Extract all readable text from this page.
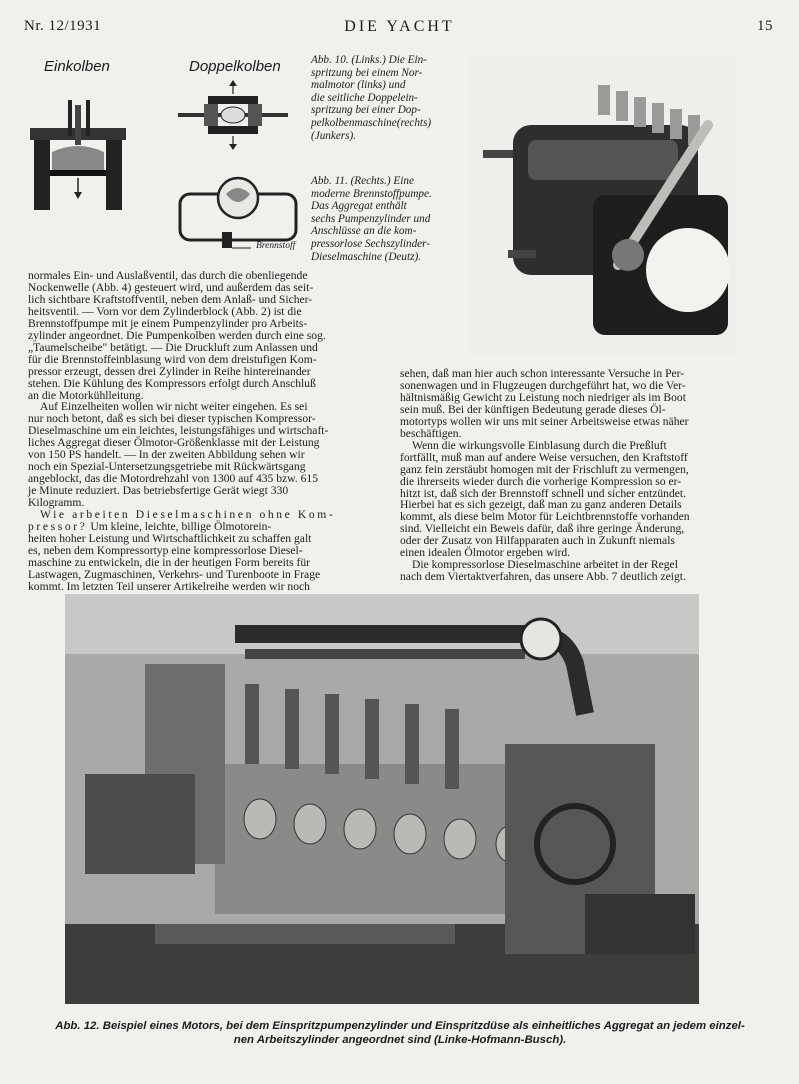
Nr. 12/1931	DIE YACHT	15
Einkolben	Doppelkolben	Abb. 10. (Links.) Die Ein-
spritzung bei einem Nor-
malmotor (links) und
die seitliche Doppelein-
spritzung bei einer Dop-
pelkolbenmaschine(rechts)
(Junkers).
Brennstoff
Abb. 11. (Rechts.) Eine
moderne Brennstoffpumpe.
Das Aggregat enthält
sechs Pumpenzylinder und
Anschlüsse an die kom-
pressorlose Sechszylinder-
Dieselmaschine (Deutz).

normales Ein- und Auslaßventil, das durch die obenliegende
Nockenwelle (Abb. 4) gesteuert wird, und außerdem das seit-
lich sichtbare Kraftstoffventil, neben dem Anlaß- und Sicher-
heitsventil. — Vorn vor dem Zylinderblock (Abb. 2) ist die
Brennstoffpumpe mit je einem Pumpenzylinder pro Arbeits-
zylinder angeordnet. Die Pumpenkolben werden durch eine sog.
„Taumelscheibe" betätigt. — Die Druckluft zum Anlassen und
für die Brennstoffeinblasung wird von dem dreistufigen Kom-
pressor erzeugt, dessen drei Zylinder in Reihe hintereinander
stehen. Die Kühlung des Kompressors erfolgt durch Anschluß
an die Motorkühlleitung.

Auf Einzelheiten wollen wir nicht weiter eingehen. Es sei
nur noch betont, daß es sich bei dieser typischen Kompressor-
Dieselmaschine um ein leichtes, leistungsfähiges und wirtschaft-
liches Aggregat dieser Ölmotor-Größenklasse mit der Leistung
von 150 PS handelt. — In der zweiten Abbildung sehen wir
noch ein Spezial-Untersetzungsgetriebe mit Rückwärtsgang
angeblockt, das die Motordrehzahl von 1300 auf 435 bzw. 615
je Minute reduziert. Das betriebsfertige Gerät wiegt 330
Kilogramm.

Wie arbeiten Dieselmaschinen ohne Kom-
pressor? Um kleine, leichte, billige Ölmotorein-
heiten hoher Leistung und Wirtschaftlichkeit zu schaffen galt
es, neben dem Kompressortyp eine kompressorlose Diesel-
maschine zu entwickeln, die in der heutigen Form bereits für
Lastwagen, Zugmaschinen, Verkehrs- und Turenboote in Frage
kommt. Im letzten Teil unserer Artikelreihe werden wir noch

sehen, daß man hier auch schon interessante Versuche in Per-
sonenwagen und in Flugzeugen durchgeführt hat, wo die Ver-
hältnismäßig Gewicht zu Leistung noch niedriger als im Boot
sein muß. Bei der künftigen Bedeutung gerade dieses Öl-
motortyps wollen wir uns mit seiner Arbeitsweise etwas näher
beschäftigen.

Wenn die wirkungsvolle Einblasung durch die Preßluft
fortfällt, muß man auf andere Weise versuchen, den Kraftstoff
ganz fein zerstäubt homogen mit der Frischluft zu vermengen,
die ihrerseits wieder durch die vorherige Kompression so er-
hitzt ist, daß sich der Brennstoff schnell und sicher entzündet.
Hierbei hat es sich gezeigt, daß man zu ganz anderen Details
kommt, als diese beim Motor für Leichtbrennstoffe vorhanden
sind. Vielleicht ein Beweis dafür, daß ihre geringe Änderung,
oder der Zusatz von Hilfapparaten auch in Zukunft niemals
einen idealen Ölmotor ergeben wird.

Die kompressorlose Dieselmaschine arbeitet in der Regel
nach dem Viertaktverfahren, das unsere Abb. 7 deutlich zeigt.

Abb. 12. Beispiel eines Motors, bei dem Einspritzpumpenzylinder und Einspritzdüse als einheitliches Aggregat an jedem einzel-
nen Arbeitszylinder angeordnet sind (Linke-Hofmann-Busch).
